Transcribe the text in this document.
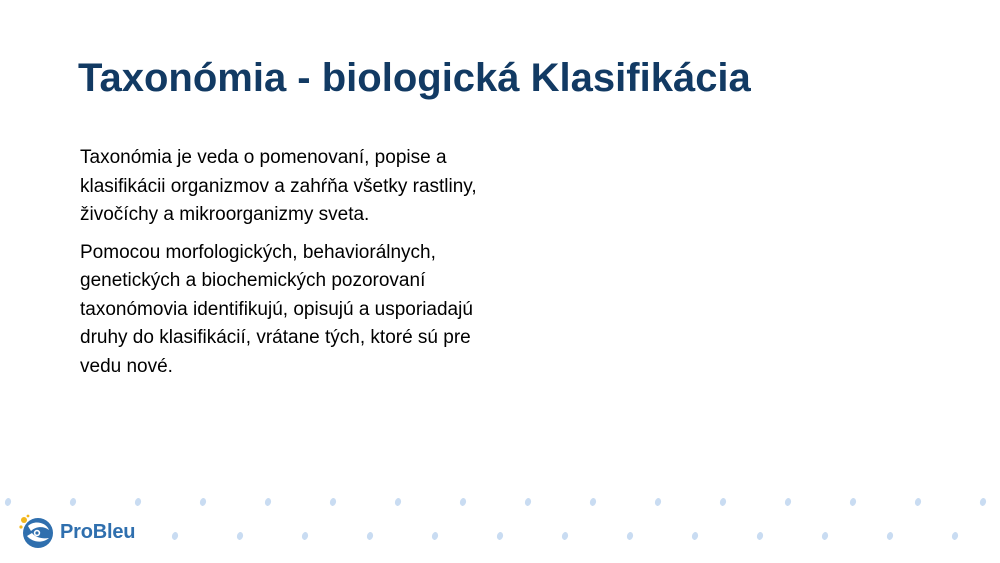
Taxonómia - biologická Klasifikácia

Taxonómia je veda o pomenovaní, popise a klasifikácii organizmov a zahŕňa všetky rastliny, živočíchy a mikroorganizmy sveta.

Pomocou morfologických, behaviorálnych, genetických a biochemických pozorovaní taxonómovia identifikujú, opisujú a usporiadajú druhy do klasifikácií, vrátane tých, ktoré sú pre vedu nové.

ProBleu
